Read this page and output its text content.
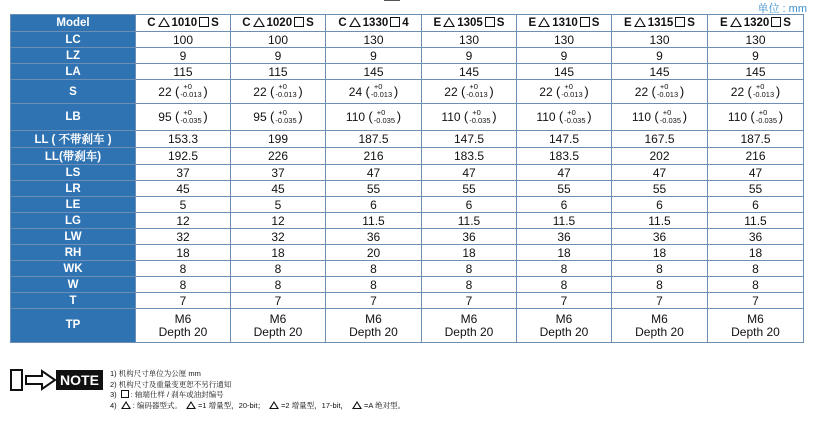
单位 : mm
Model	C 1010 S	C 1020 S	C 1330 4	E 1305 S	E 1310 S	E 1315 S	E 1320 S
LC	100	100	130	130	130	130	130
LZ	9	9	9	9	9	9	9
LA	115	115	145	145	145	145	145
S	22 ( +0
-0.013 )	22 ( +0
-0.013 )	24 ( +0
-0.013 )	22 ( +0
-0.013 )	22 ( +0
-0.013 )	22 ( +0
-0.013 )	22 ( +0
-0.013 )
LB	95 ( +0
-0.035 )	95 ( +0
-0.035 )	110 ( +0
-0.035 )	110 ( +0
-0.035 )	110 ( +0
-0.035 )	110 ( +0
-0.035 )	110 ( +0
-0.035 )
LL ( 不带刹车 )	153.3	199	187.5	147.5	147.5	167.5	187.5
LL(带刹车)	192.5	226	216	183.5	183.5	202	216
LS	37	37	47	47	47	47	47
LR	45	45	55	55	55	55	55
LE	5	5	6	6	6	6	6
LG	12	12	11.5	11.5	11.5	11.5	11.5
LW	32	32	36	36	36	36	36
RH	18	18	20	18	18	18	18
WK	8	8	8	8	8	8	8
W	8	8	8	8	8	8	8
T	7	7	7	7	7	7	7
TP	M6
Depth 20	M6
Depth 20	M6
Depth 20	M6
Depth 20	M6
Depth 20	M6
Depth 20	M6
Depth 20
NOTE 1) 机构尺寸单位为公厘 mm
2) 机构尺寸及重量变更恕不另行通知
3) : 轴端仕样 / 刹车或油封编号
4) : 编码器型式。 =1 增量型，20-bit； =2 增量型，17-bit， =A 绝对型。
